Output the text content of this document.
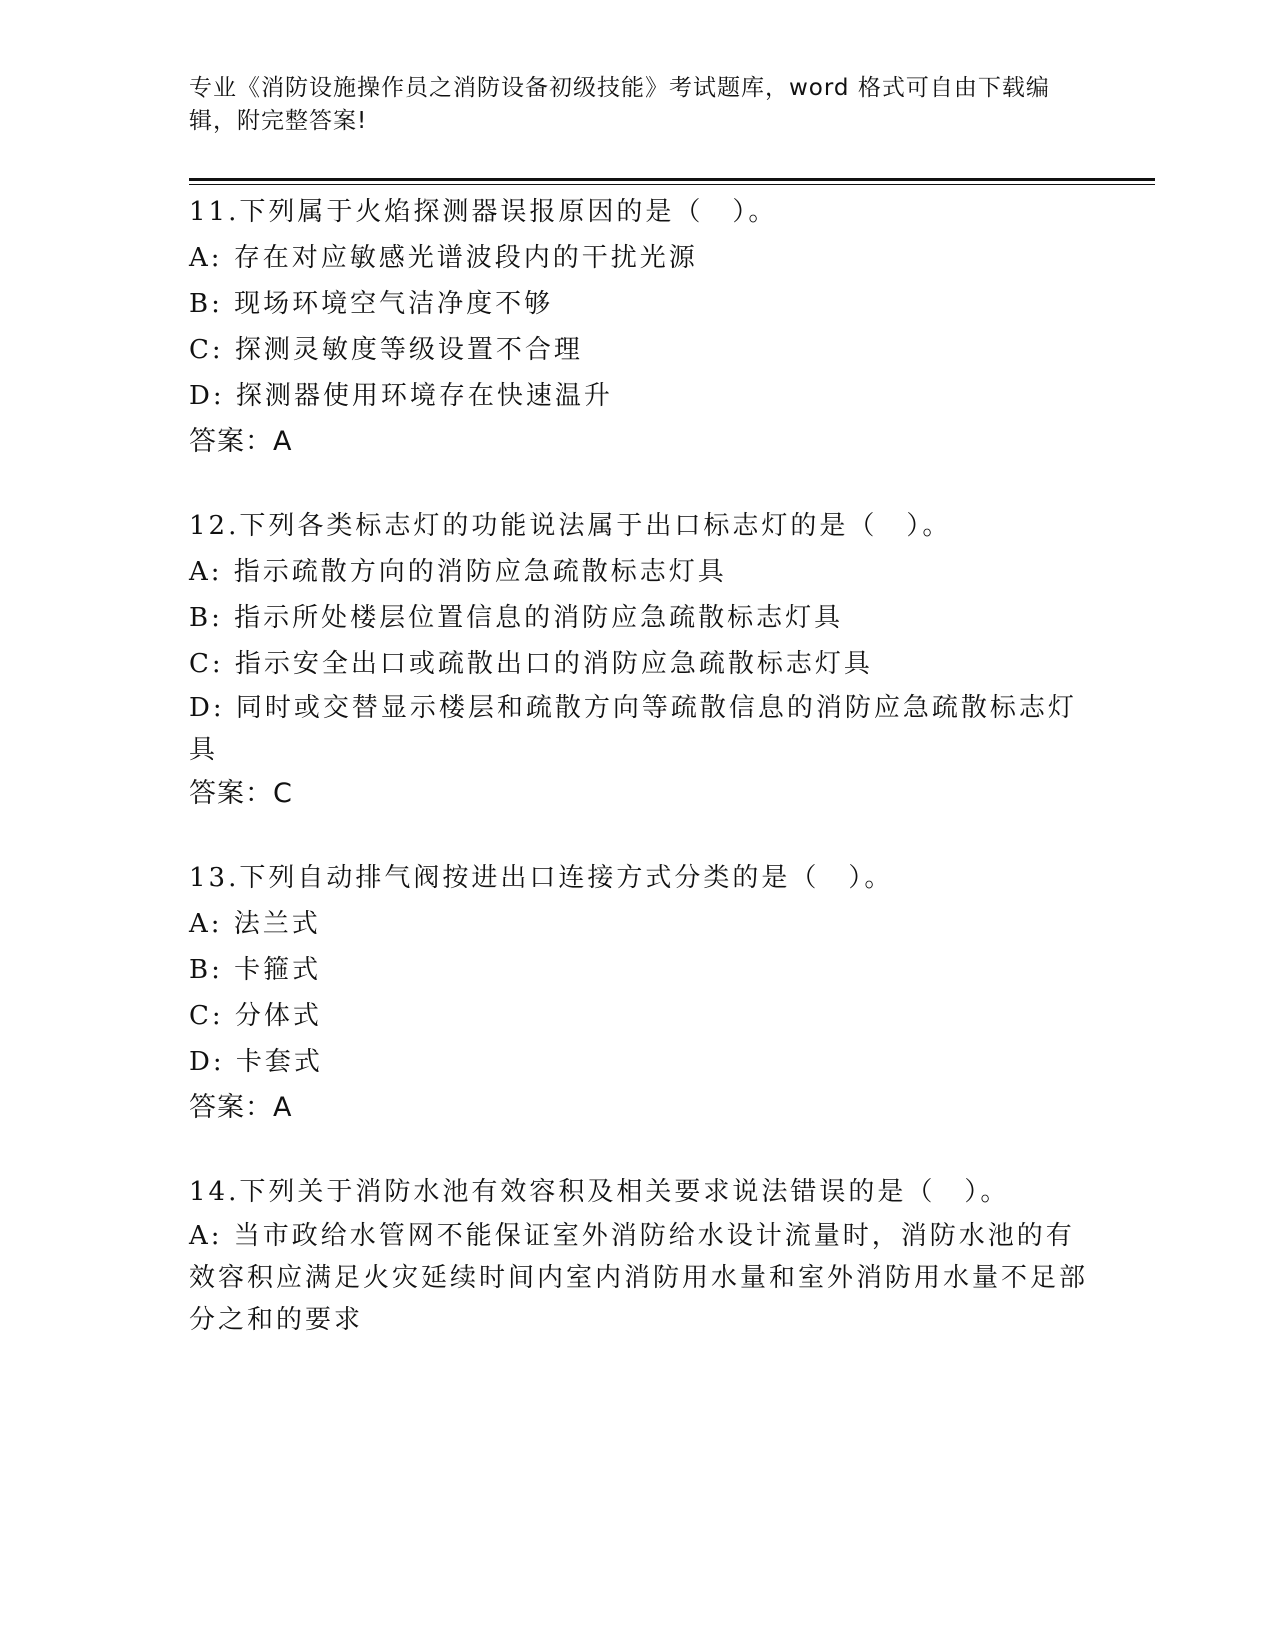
专业《消防设施操作员之消防设备初级技能》考试题库，word 格式可自由下载编
辑，附完整答案!

11.下列属于火焰探测器误报原因的是（　）。

A: 存在对应敏感光谱波段内的干扰光源

B: 现场环境空气洁净度不够

C: 探测灵敏度等级设置不合理

D: 探测器使用环境存在快速温升

答案：A

12.下列各类标志灯的功能说法属于出口标志灯的是（　）。

A: 指示疏散方向的消防应急疏散标志灯具

B: 指示所处楼层位置信息的消防应急疏散标志灯具

C: 指示安全出口或疏散出口的消防应急疏散标志灯具

D: 同时或交替显示楼层和疏散方向等疏散信息的消防应急疏散标志灯具

答案：C

13.下列自动排气阀按进出口连接方式分类的是（　）。

A: 法兰式

B: 卡箍式

C: 分体式

D: 卡套式

答案：A

14.下列关于消防水池有效容积及相关要求说法错误的是（　）。

A: 当市政给水管网不能保证室外消防给水设计流量时，消防水池的有效容积应满足火灾延续时间内室内消防用水量和室外消防用水量不足部分之和的要求
